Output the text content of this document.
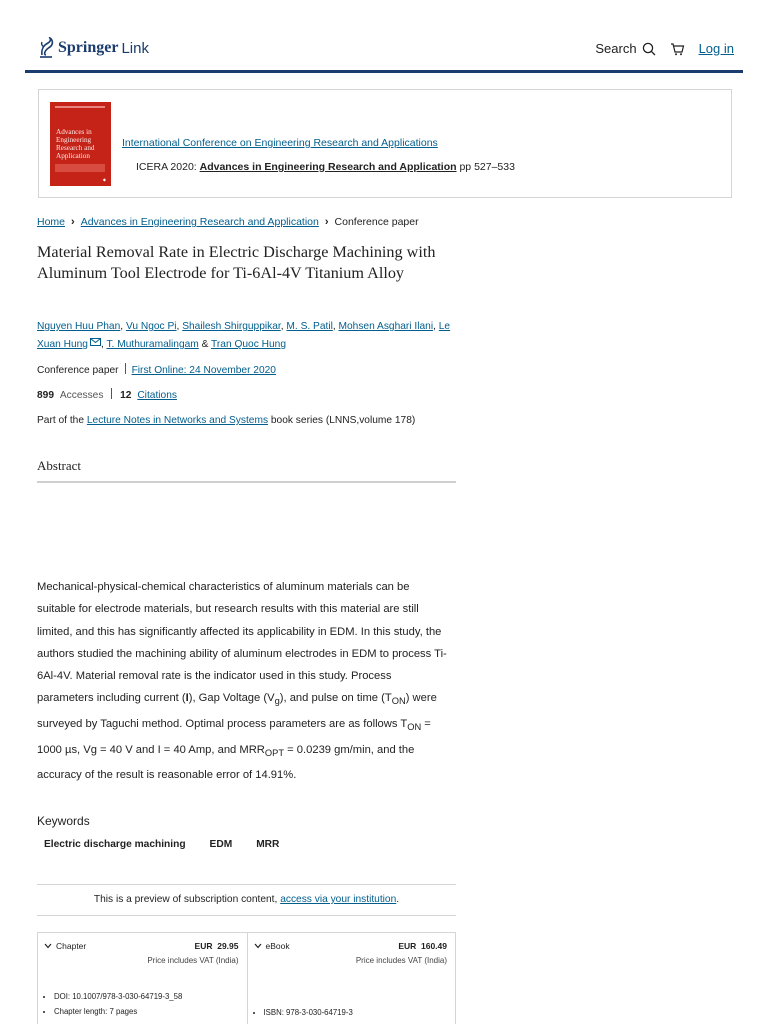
Springer Link	Search	Log in
Advances in Engineering Research and Application
◆
International Conference on Engineering Research and Applications
ICERA 2020: Advances in Engineering Research and Application pp 527–533
Home › Advances in Engineering Research and Application › Conference paper
Material Removal Rate in Electric Discharge Machining with Aluminum Tool Electrode for Ti-6Al-4V Titanium Alloy
Nguyen Huu Phan, Vu Ngoc Pi, Shailesh Shirguppikar, M. S. Patil, Mohsen Asghari Ilani, Le Xuan Hung , T. Muthuramalingam & Tran Quoc Hung
Conference paper First Online: 24 November 2020
899 Accesses 12 Citations
Part of the Lecture Notes in Networks and Systems book series (LNNS,volume 178)
Abstract

Mechanical-physical-chemical characteristics of aluminum materials can be suitable for electrode materials, but research results with this material are still limited, and this has significantly affected its applicability in EDM. In this study, the authors studied the machining ability of aluminum electrodes in EDM to process Ti-6Al-4V. Material removal rate is the indicator used in this study. Process parameters including current (I), Gap Voltage $(V_g)$, and pulse on time $(T_{ON})$ were surveyed by Taguchi method. Optimal process parameters are as follows $T_{ON} = 1000$ µs, Vg = 40 V and I = 40 Amp, and $MRR_{OPT} = 0.0239$ gm/min, and the accuracy of the result is reasonable error of 14.91%.

Keywords
Electric discharge machining EDM MRR
This is a preview of subscription content, access via your institution.
Chapter	EUR 29.95
Price includes VAT (India)
• DOI: 10.1007/978-3-030-64719-3_58
• Chapter length: 7 pages
eBook	EUR 160.49
Price includes VAT (India)
• ISBN: 978-3-030-64719-3
